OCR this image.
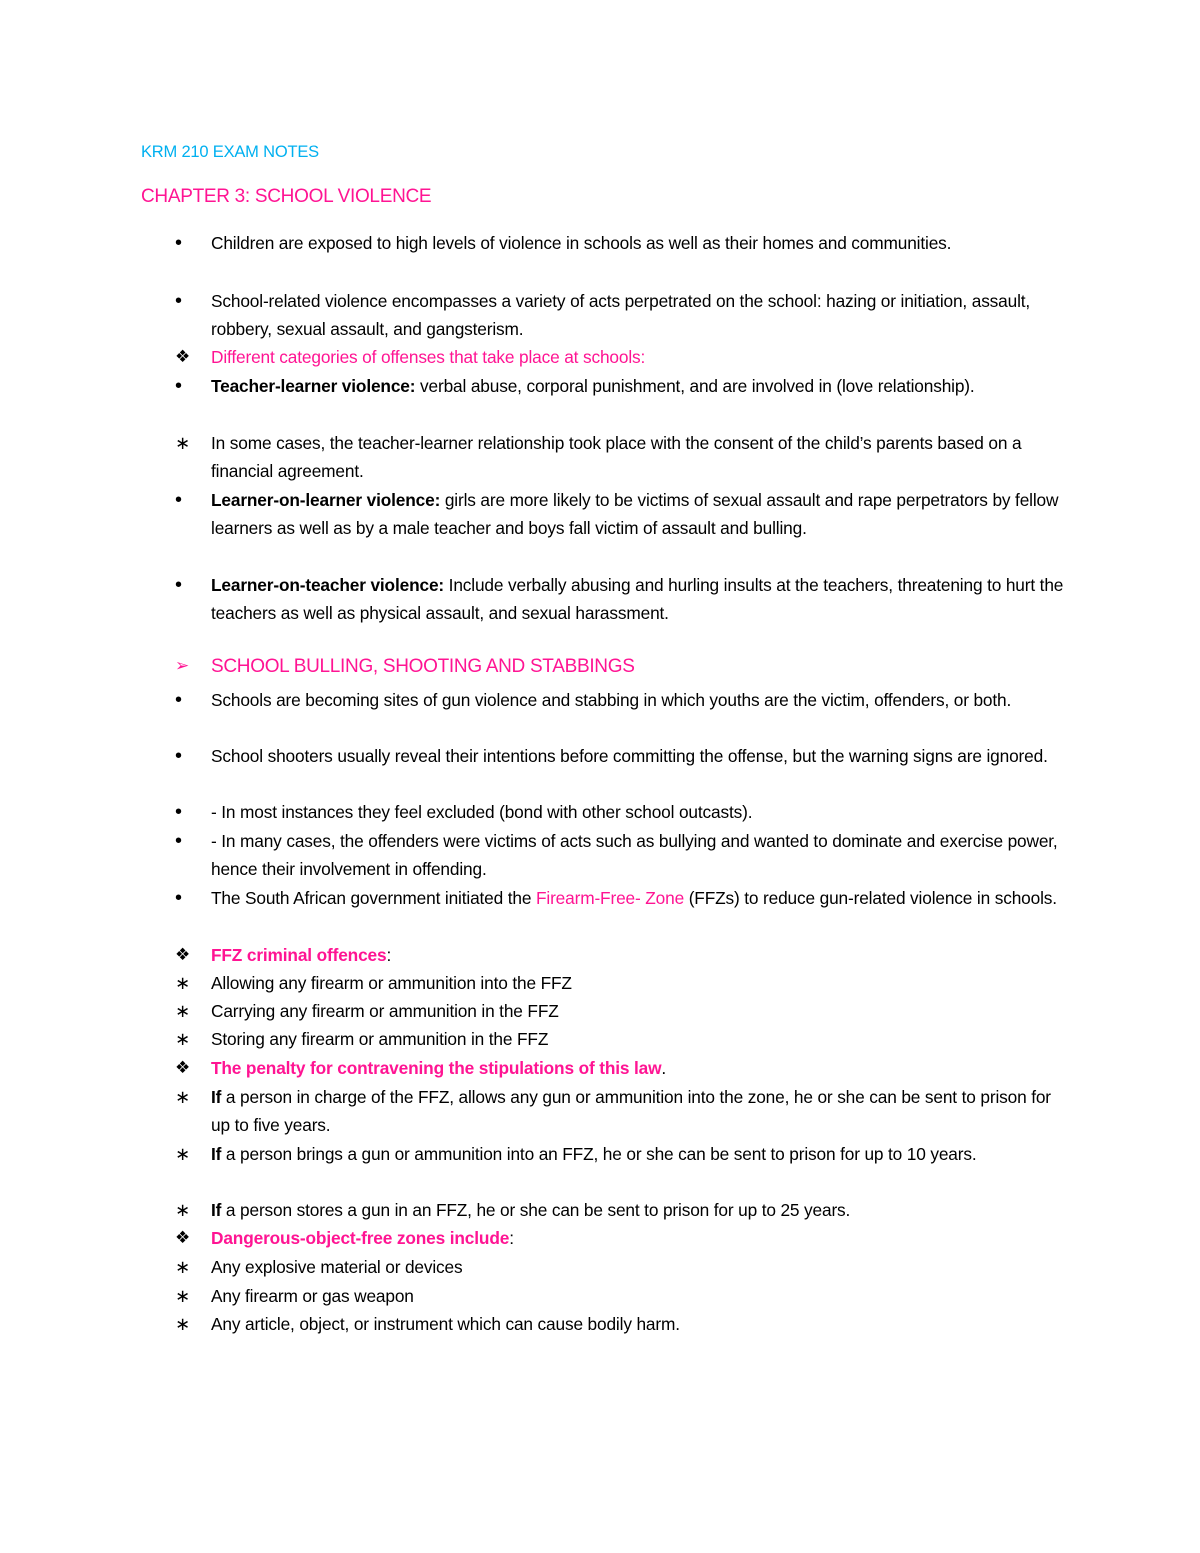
KRM 210 EXAM NOTES
CHAPTER 3: SCHOOL VIOLENCE
•	Children are exposed to high levels of violence in schools as well as their homes and communities.
•	School-related violence encompasses a variety of acts perpetrated on the school: hazing or initiation, assault, robbery, sexual assault, and gangsterism.
❖	Different categories of offenses that take place at schools:
•	Teacher-learner violence: verbal abuse, corporal punishment, and are involved in (love relationship).
∗	In some cases, the teacher-learner relationship took place with the consent of the child’s parents based on a financial agreement.
•	Learner-on-learner violence: girls are more likely to be victims of sexual assault and rape perpetrators by fellow learners as well as by a male teacher and boys fall victim of assault and bulling.
•	Learner-on-teacher violence: Include verbally abusing and hurling insults at the teachers, threatening to hurt the teachers as well as physical assault, and sexual harassment.
➢	SCHOOL BULLING, SHOOTING AND STABBINGS
•	Schools are becoming sites of gun violence and stabbing in which youths are the victim, offenders, or both.
•	School shooters usually reveal their intentions before committing the offense, but the warning signs are ignored.
•	- In most instances they feel excluded (bond with other school outcasts).
•	- In many cases, the offenders were victims of acts such as bullying and wanted to dominate and exercise power, hence their involvement in offending.
•	The South African government initiated the Firearm-Free- Zone (FFZs) to reduce gun-related violence in schools.
❖	FFZ criminal offences:
∗	Allowing any firearm or ammunition into the FFZ
∗	Carrying any firearm or ammunition in the FFZ
∗	Storing any firearm or ammunition in the FFZ
❖	The penalty for contravening the stipulations of this law.
∗	If a person in charge of the FFZ, allows any gun or ammunition into the zone, he or she can be sent to prison for up to five years.
∗	If a person brings a gun or ammunition into an FFZ, he or she can be sent to prison for up to 10 years.
∗	If a person stores a gun in an FFZ, he or she can be sent to prison for up to 25 years.
❖	Dangerous-object-free zones include:
∗	Any explosive material or devices
∗	Any firearm or gas weapon
∗	Any article, object, or instrument which can cause bodily harm.
